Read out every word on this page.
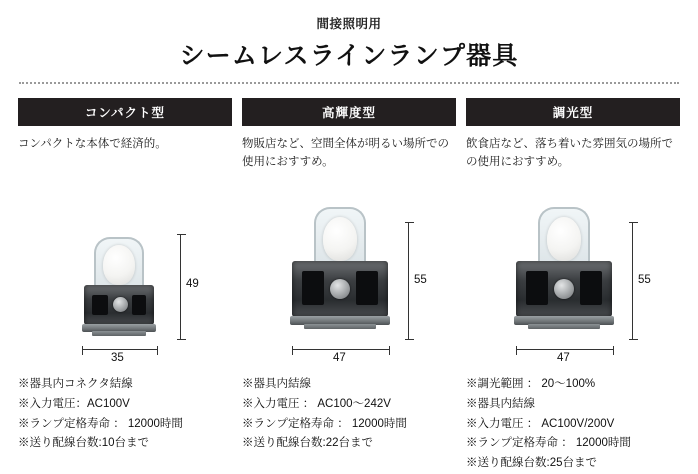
間接照明用
シームレスラインランプ器具
コンパクト型
コンパクトな本体で経済的。
49
35
※器具内コネクタ結線
※入力電圧：AC100V
※ランプ定格寿命 ： 12000時間
※送り配線台数:10台まで
高輝度型
物販店など、空間全体が明るい場所での使用におすすめ。
55
47
※器具内結線
※入力電圧 ： AC100〜242V
※ランプ定格寿命 ： 12000時間
※送り配線台数:22台まで
調光型
飲食店など、落ち着いた雰囲気の場所での使用におすすめ。
55
47
※調光範囲 ： 20〜100%
※器具内結線
※入力電圧 ： AC100V/200V
※ランプ定格寿命 ： 12000時間
※送り配線台数:25台まで
